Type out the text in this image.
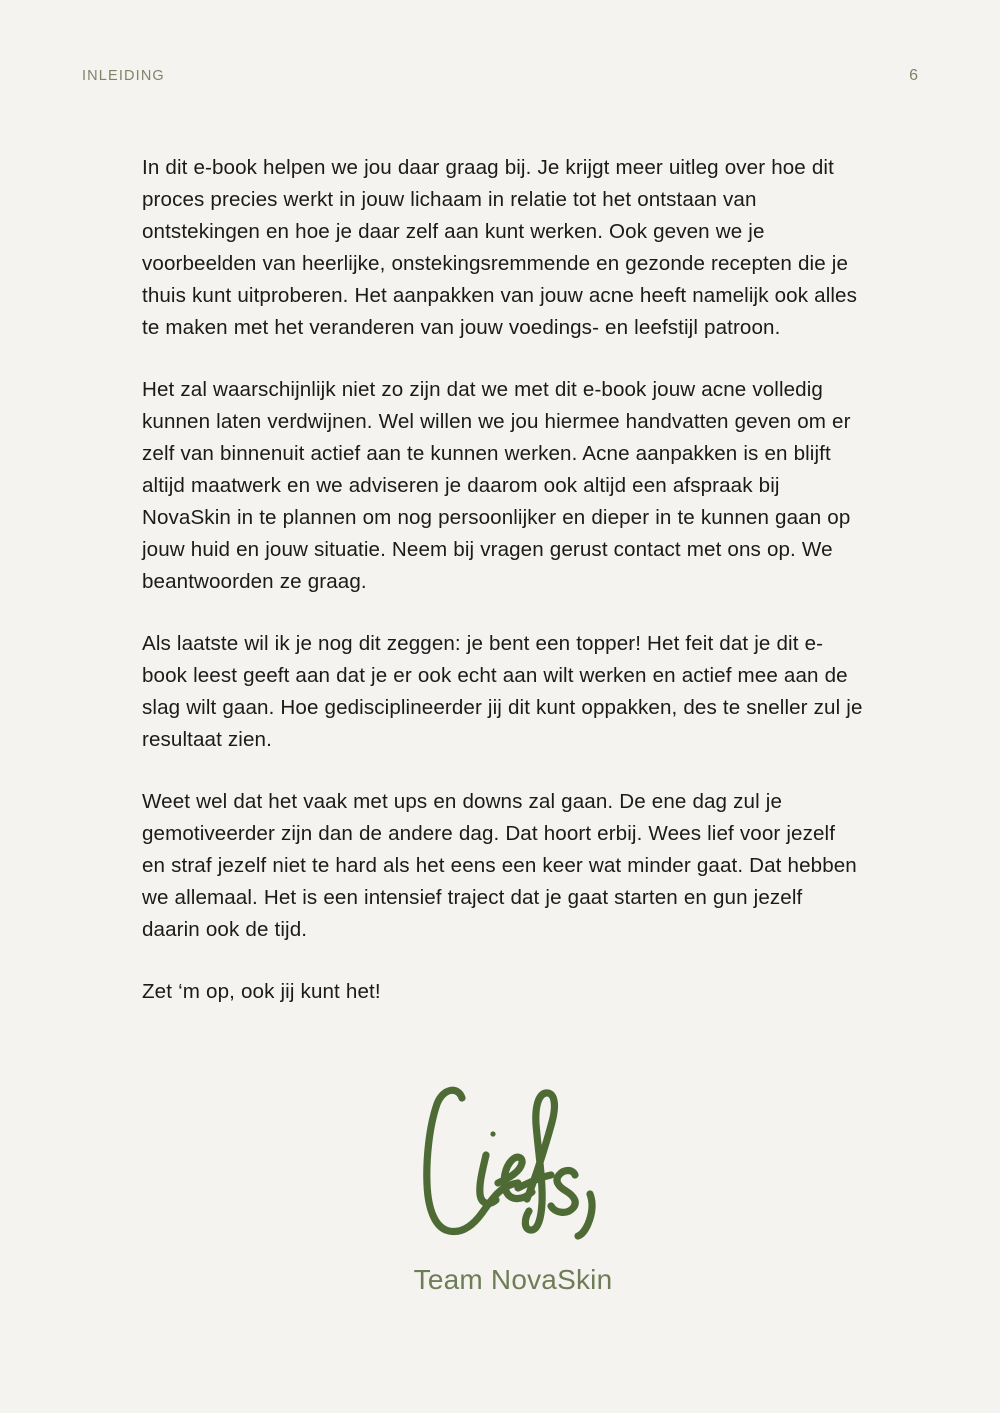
INLEIDING	6

In dit e-book helpen we jou daar graag bij. Je krijgt meer uitleg over hoe dit proces precies werkt in jouw lichaam in relatie tot het ontstaan van ontstekingen en hoe je daar zelf aan kunt werken. Ook geven we je voorbeelden van heerlijke, onstekingsremmende en gezonde recepten die je thuis kunt uitproberen. Het aanpakken van jouw acne heeft namelijk ook alles te maken met het veranderen van jouw voedings- en leefstijl patroon.

Het zal waarschijnlijk niet zo zijn dat we met dit e-book jouw acne volledig kunnen laten verdwijnen. Wel willen we jou hiermee handvatten geven om er zelf van binnenuit actief aan te kunnen werken. Acne aanpakken is en blijft altijd maatwerk en we adviseren je daarom ook altijd een afspraak bij NovaSkin in te plannen om nog persoonlijker en dieper in te kunnen gaan op jouw huid en jouw situatie. Neem bij vragen gerust contact met ons op. We beantwoorden ze graag.

Als laatste wil ik je nog dit zeggen: je bent een topper! Het feit dat je dit e-book leest geeft aan dat je er ook echt aan wilt werken en actief mee aan de slag wilt gaan. Hoe gedisciplineerder jij dit kunt oppakken, des te sneller zul je resultaat zien.

Weet wel dat het vaak met ups en downs zal gaan. De ene dag zul je gemotiveerder zijn dan de andere dag. Dat hoort erbij. Wees lief voor jezelf en straf jezelf niet te hard als het eens een keer wat minder gaat. Dat hebben we allemaal. Het is een intensief traject dat je gaat starten en gun jezelf daarin ook de tijd.

Zet ‘m op, ook jij kunt het!

Team NovaSkin
